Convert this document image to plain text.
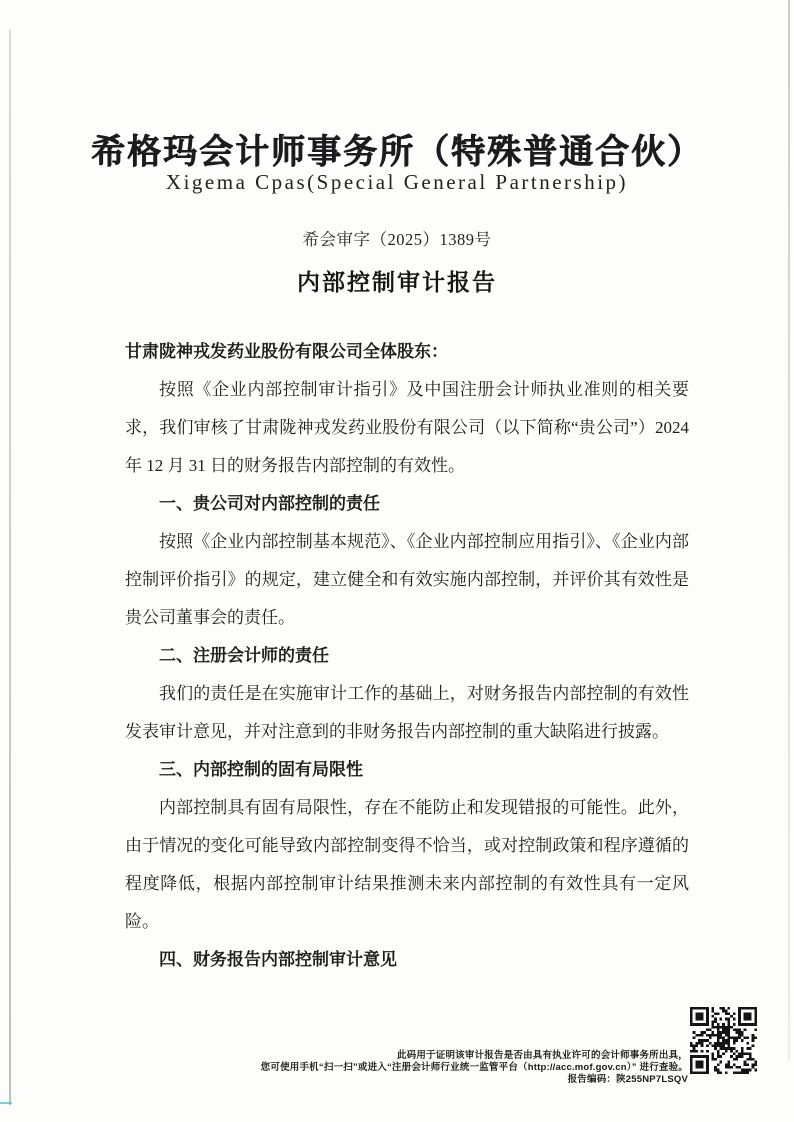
希格玛会计师事务所（特殊普通合伙）
Xigema Cpas(Special General Partnership)
希会审字（2025）1389号
内部控制审计报告

甘肃陇神戎发药业股份有限公司全体股东：

按照《企业内部控制审计指引》及中国注册会计师执业准则的相关要求，我们审核了甘肃陇神戎发药业股份有限公司（以下简称“贵公司”）2024 年 12 月 31 日的财务报告内部控制的有效性。

一、贵公司对内部控制的责任

按照《企业内部控制基本规范》、《企业内部控制应用指引》、《企业内部控制评价指引》的规定，建立健全和有效实施内部控制，并评价其有效性是贵公司董事会的责任。

二、注册会计师的责任

我们的责任是在实施审计工作的基础上，对财务报告内部控制的有效性发表审计意见，并对注意到的非财务报告内部控制的重大缺陷进行披露。

三、内部控制的固有局限性

内部控制具有固有局限性，存在不能防止和发现错报的可能性。此外，由于情况的变化可能导致内部控制变得不恰当，或对控制政策和程序遵循的程度降低，根据内部控制审计结果推测未来内部控制的有效性具有一定风险。

四、财务报告内部控制审计意见

此码用于证明该审计报告是否由具有执业许可的会计师事务所出具，
您可使用手机“扫一扫”或进入“注册会计师行业统一监管平台（http://acc.mof.gov.cn）” 进行查验。
报告编码：陕255NP7LSQV
